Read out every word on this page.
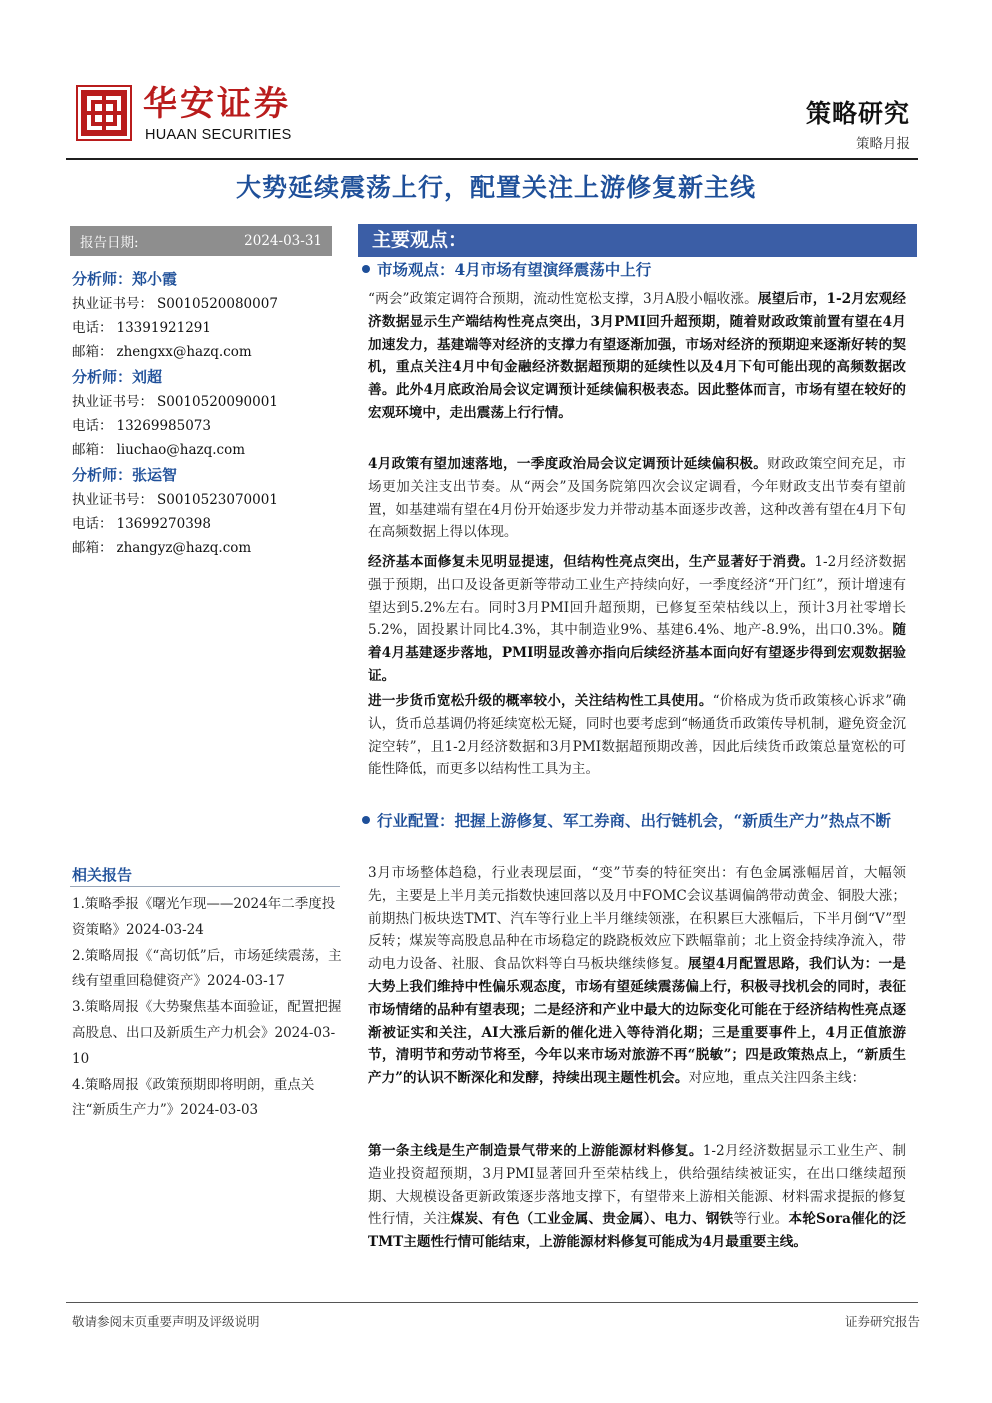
华安证券
HUAAN SECURITIES
策略研究
策略月报
大势延续震荡上行，配置关注上游修复新主线
报告日期:	2024-03-31
分析师：郑小霞
执业证书号： S0010520080007
电话： 13391921291
邮箱： zhengxx@hazq.com
分析师：刘超
执业证书号： S0010520090001
电话： 13269985073
邮箱： liuchao@hazq.com
分析师：张运智
执业证书号： S0010523070001
电话： 13699270398
邮箱： zhangyz@hazq.com
相关报告
1.策略季报《曙光乍现——2024年二季度投资策略》2024-03-24
2.策略周报《“高切低”后，市场延续震荡，主线有望重回稳健资产》2024-03-17
3.策略周报《大势聚焦基本面验证，配置把握高股息、出口及新质生产力机会》2024-03-10
4.策略周报《政策预期即将明朗，重点关注“新质生产力”》2024-03-03
主要观点：
市场观点：4月市场有望演绎震荡中上行
“两会”政策定调符合预期，流动性宽松支撑，3月A股小幅收涨。展望后市，1-2月宏观经济数据显示生产端结构性亮点突出，3月PMI回升超预期，随着财政政策前置有望在4月加速发力，基建端等对经济的支撑力有望逐渐加强，市场对经济的预期迎来逐渐好转的契机，重点关注4月中旬金融经济数据超预期的延续性以及4月下旬可能出现的高频数据改善。此外4月底政治局会议定调预计延续偏积极表态。因此整体而言，市场有望在较好的宏观环境中，走出震荡上行行情。
4月政策有望加速落地，一季度政治局会议定调预计延续偏积极。财政政策空间充足，市场更加关注支出节奏。从“两会”及国务院第四次会议定调看，今年财政支出节奏有望前置，如基建端有望在4月份开始逐步发力并带动基本面逐步改善，这种改善有望在4月下旬在高频数据上得以体现。
经济基本面修复未见明显提速，但结构性亮点突出，生产显著好于消费。1-2月经济数据强于预期，出口及设备更新等带动工业生产持续向好，一季度经济“开门红”，预计增速有望达到5.2%左右。同时3月PMI回升超预期，已修复至荣枯线以上，预计3月社零增长5.2%，固投累计同比4.3%，其中制造业9%、基建6.4%、地产-8.9%，出口0.3%。随着4月基建逐步落地，PMI明显改善亦指向后续经济基本面向好有望逐步得到宏观数据验证。
进一步货币宽松升级的概率较小，关注结构性工具使用。“价格成为货币政策核心诉求”确认，货币总基调仍将延续宽松无疑，同时也要考虑到“畅通货币政策传导机制，避免资金沉淀空转”，且1-2月经济数据和3月PMI数据超预期改善，因此后续货币政策总量宽松的可能性降低，而更多以结构性工具为主。
行业配置：把握上游修复、军工券商、出行链机会，“新质生产力”热点不断
3月市场整体趋稳，行业表现层面，“变”节奏的特征突出：有色金属涨幅居首，大幅领先，主要是上半月美元指数快速回落以及月中FOMC会议基调偏鸽带动黄金、铜股大涨；前期热门板块迭TMT、汽车等行业上半月继续领涨，在积累巨大涨幅后，下半月倒“V”型反转；煤炭等高股息品种在市场稳定的跷跷板效应下跌幅靠前；北上资金持续净流入，带动电力设备、社服、食品饮料等白马板块继续修复。展望4月配置思路，我们认为：一是大势上我们维持中性偏乐观态度，市场有望延续震荡偏上行，积极寻找机会的同时，表征市场情绪的品种有望表现；二是经济和产业中最大的边际变化可能在于经济结构性亮点逐渐被证实和关注，AI大涨后新的催化进入等待消化期；三是重要事件上，4月正值旅游节，清明节和劳动节将至，今年以来市场对旅游不再“脱敏”；四是政策热点上，“新质生产力”的认识不断深化和发酵，持续出现主题性机会。对应地，重点关注四条主线：
第一条主线是生产制造景气带来的上游能源材料修复。1-2月经济数据显示工业生产、制造业投资超预期，3月PMI显著回升至荣枯线上，供给强结续被证实，在出口继续超预期、大规模设备更新政策逐步落地支撑下，有望带来上游相关能源、材料需求提振的修复性行情，关注煤炭、有色（工业金属、贵金属）、电力、钢铁等行业。本轮Sora催化的泛TMT主题性行情可能结束，上游能源材料修复可能成为4月最重要主线。
敬请参阅末页重要声明及评级说明	证券研究报告
